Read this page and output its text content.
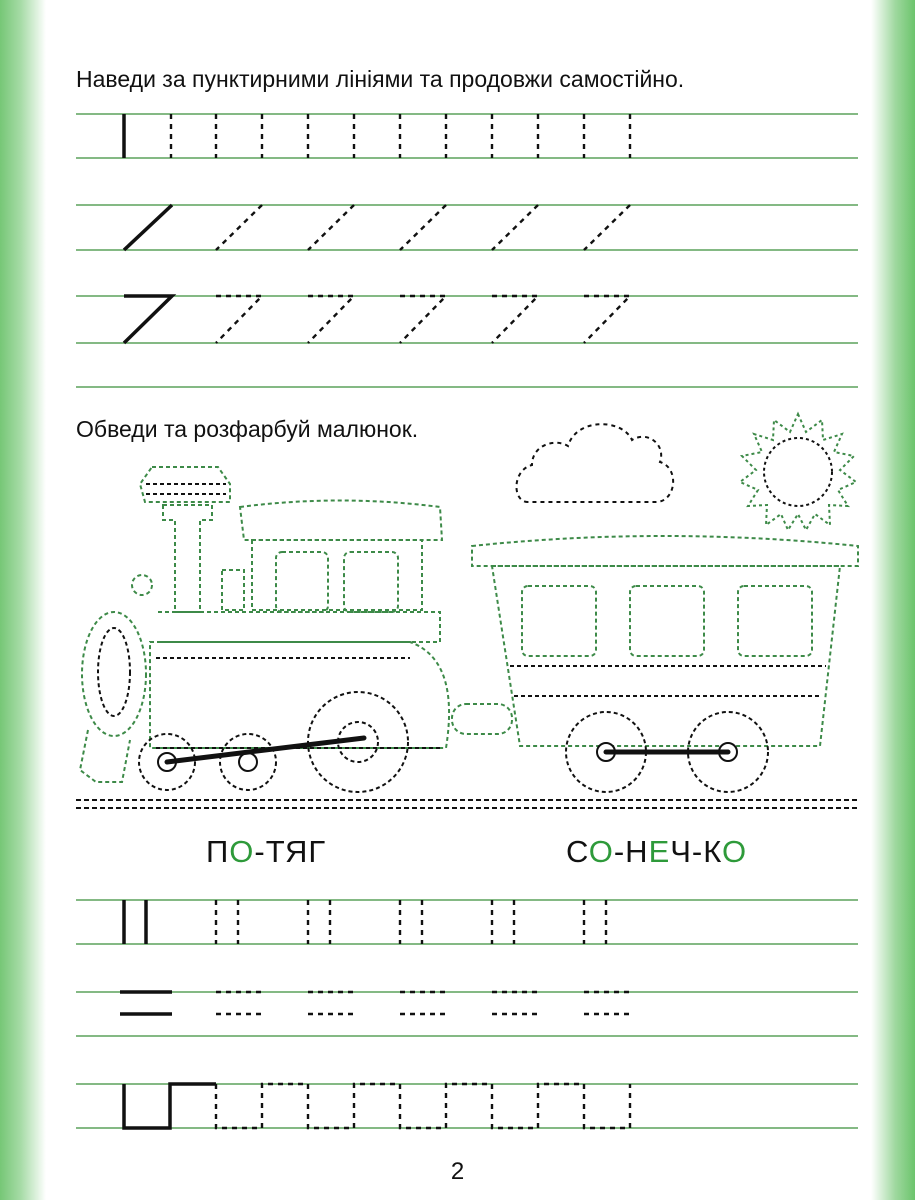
Наведи за пунктирними лініями та продовжи самостійно.
Обведи та розфарбуй малюнок.
ПО-ТЯГ	СО-НЕЧ-КО
2
